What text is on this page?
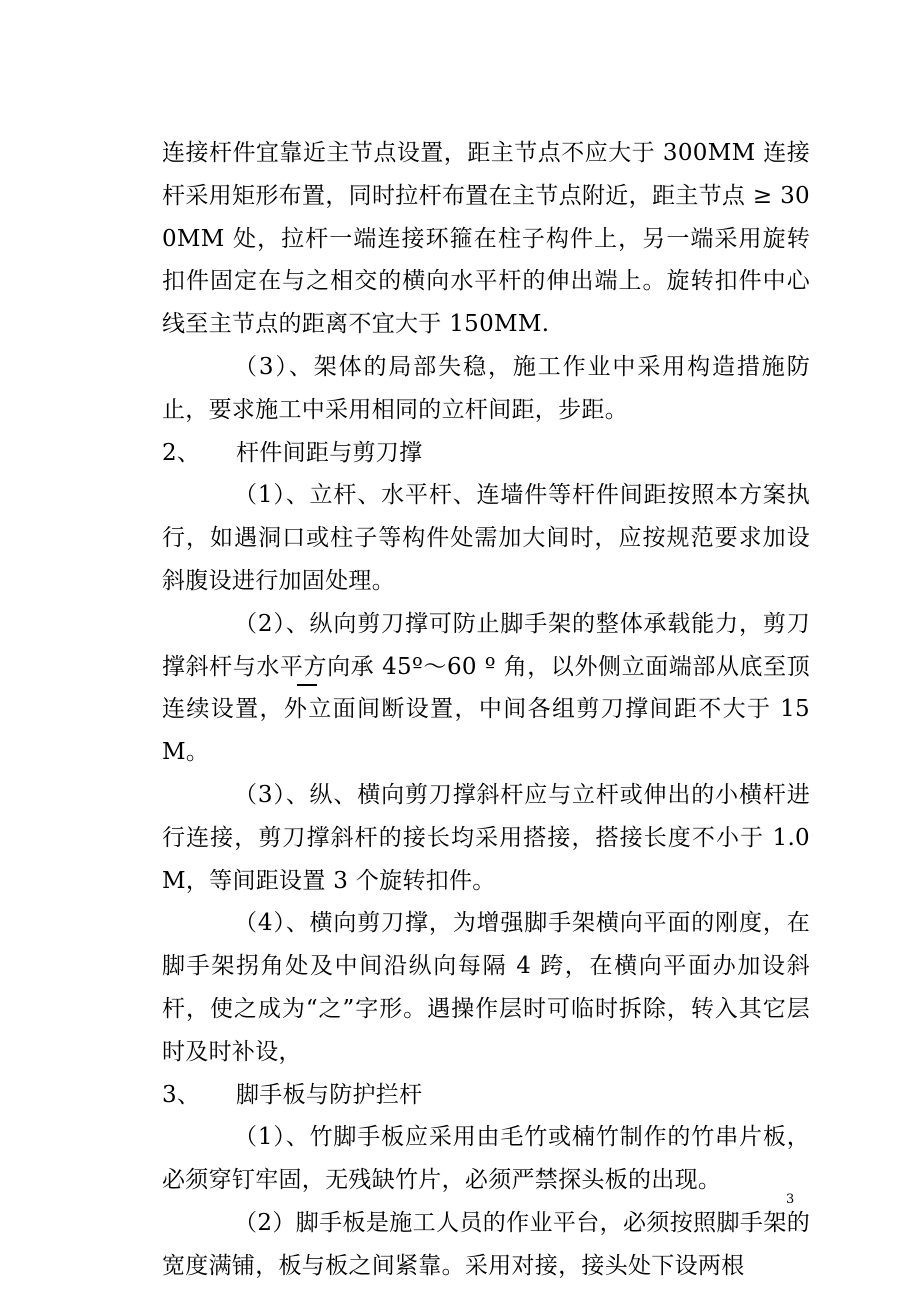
连接杆件宜靠近主节点设置，距主节点不应大于 300MM 连接杆采用矩形布置，同时拉杆布置在主节点附近，距主节点 ≥ 300MM 处，拉杆一端连接环箍在柱子构件上，另一端采用旋转扣件固定在与之相交的横向水平杆的伸出端上。旋转扣件中心线至主节点的距离不宜大于 150MM.

（3）、架体的局部失稳，施工作业中采用构造措施防止，要求施工中采用相同的立杆间距，步距。

2、	杆件间距与剪刀撑

（1）、立杆、水平杆、连墙件等杆件间距按照本方案执行，如遇洞口或柱子等构件处需加大间时，应按规范要求加设斜腹设进行加固处理。

（2）、纵向剪刀撑可防止脚手架的整体承载能力，剪刀撑斜杆与水平方向承 45º～60 º 角，以外侧立面端部从底至顶连续设置，外立面间断设置，中间各组剪刀撑间距不大于 15M。

（3）、纵、横向剪刀撑斜杆应与立杆或伸出的小横杆进行连接，剪刀撑斜杆的接长均采用搭接，搭接长度不小于 1.0M，等间距设置 3 个旋转扣件。

（4）、横向剪刀撑，为增强脚手架横向平面的刚度，在脚手架拐角处及中间沿纵向每隔 4 跨，在横向平面办加设斜杆，使之成为“之”字形。遇操作层时可临时拆除，转入其它层时及时补设，

3、	脚手板与防护拦杆

（1）、竹脚手板应采用由毛竹或楠竹制作的竹串片板，必须穿钉牢固，无残缺竹片，必须严禁探头板的出现。

（2）脚手板是施工人员的作业平台，必须按照脚手架的宽度满铺，板与板之间紧靠。采用对接，接头处下设两根

3
